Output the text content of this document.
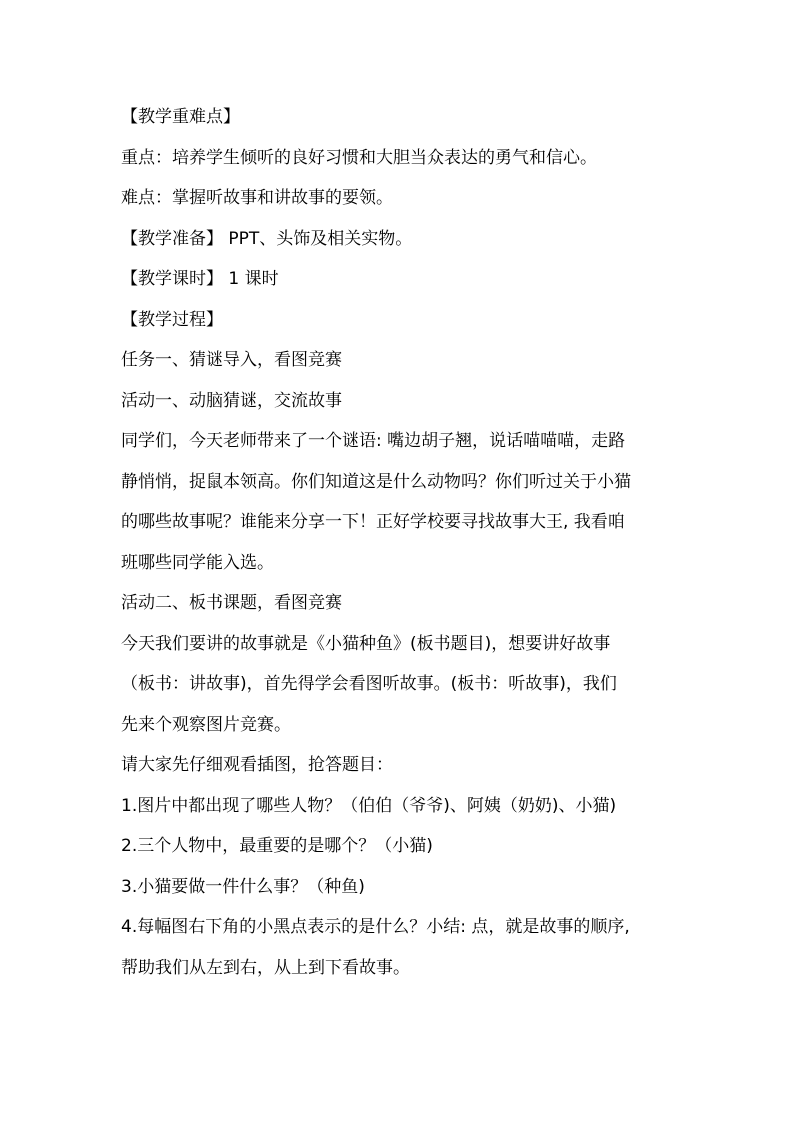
【教学重难点】

重点：培养学生倾听的良好习惯和大胆当众表达的勇气和信心。

难点：掌握听故事和讲故事的要领。

【教学准备】 PPT、头饰及相关实物。

【教学课时】 1 课时

【教学过程】

任务一、猜谜导入，看图竞赛

活动一、动脑猜谜，交流故事

同学们，今天老师带来了一个谜语: 嘴边胡子翘，说话喵喵喵，走路

静悄悄，捉鼠本领高。你们知道这是什么动物吗？你们听过关于小猫

的哪些故事呢？谁能来分享一下！正好学校要寻找故事大王, 我看咱

班哪些同学能入选。

活动二、板书课题，看图竞赛

今天我们要讲的故事就是《小猫种鱼》(板书题目)，想要讲好故事

（板书：讲故事)，首先得学会看图听故事。(板书：听故事)，我们

先来个观察图片竞赛。

请大家先仔细观看插图，抢答题目：

1.图片中都出现了哪些人物？（伯伯（爷爷)、阿姨（奶奶)、小猫)

2.三个人物中，最重要的是哪个？（小猫)

3.小猫要做一件什么事？（种鱼)

4.每幅图右下角的小黑点表示的是什么？小结: 点，就是故事的顺序,

帮助我们从左到右，从上到下看故事。
